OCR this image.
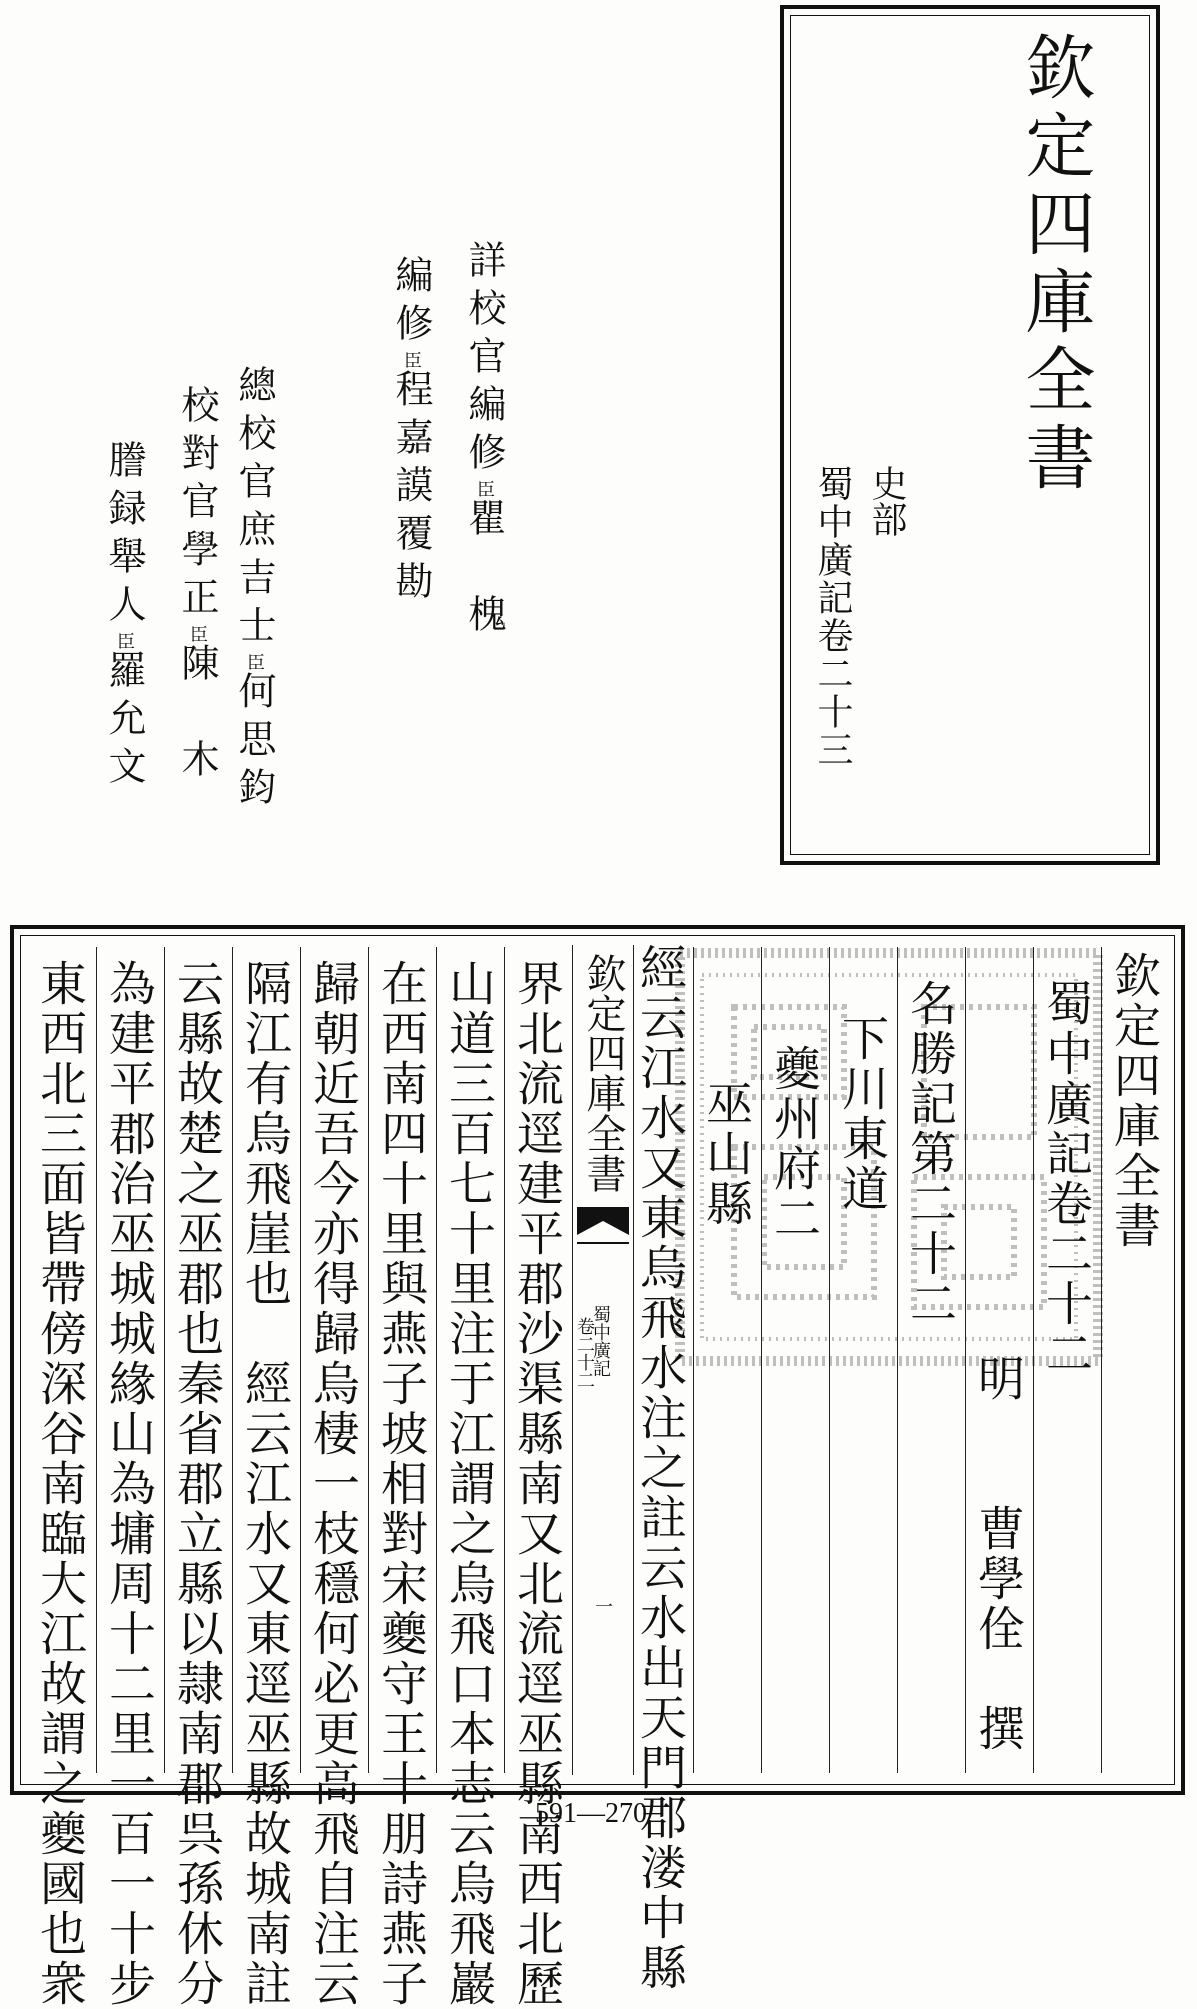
欽定四庫全書
史部
蜀中廣記卷二十三
詳校官編修臣瞿　槐
編修臣程嘉謨覆勘
總校官庶吉士臣何思鈞
校對官學正臣陳　木
謄録舉人臣羅允文
欽定四庫全書
蜀中廣記卷二十二
明　　曹學佺　撰
名勝記第二十二
下川東道
夔州府二
巫山縣
經云江水又東烏飛水注之註云水出天門郡溇中縣
界北流逕建平郡沙渠縣南又北流逕巫縣南西北歷
山道三百七十里注于江謂之烏飛口本志云烏飛巖
在西南四十里與燕子坡相對宋夔守王十朋詩燕子
歸朝近吾今亦得歸烏棲一枝穩何必更高飛自注云
隔江有烏飛崖也　經云江水又東逕巫縣故城南註
云縣故楚之巫郡也秦省郡立縣以隷南郡呉孫休分
為建平郡治巫城城緣山為墉周十二里一百一十步
東西北三面皆帶傍深谷南臨大江故謂之夔國也衆	欽定四庫全書
蜀中廣記
卷二十二
一
591—270
